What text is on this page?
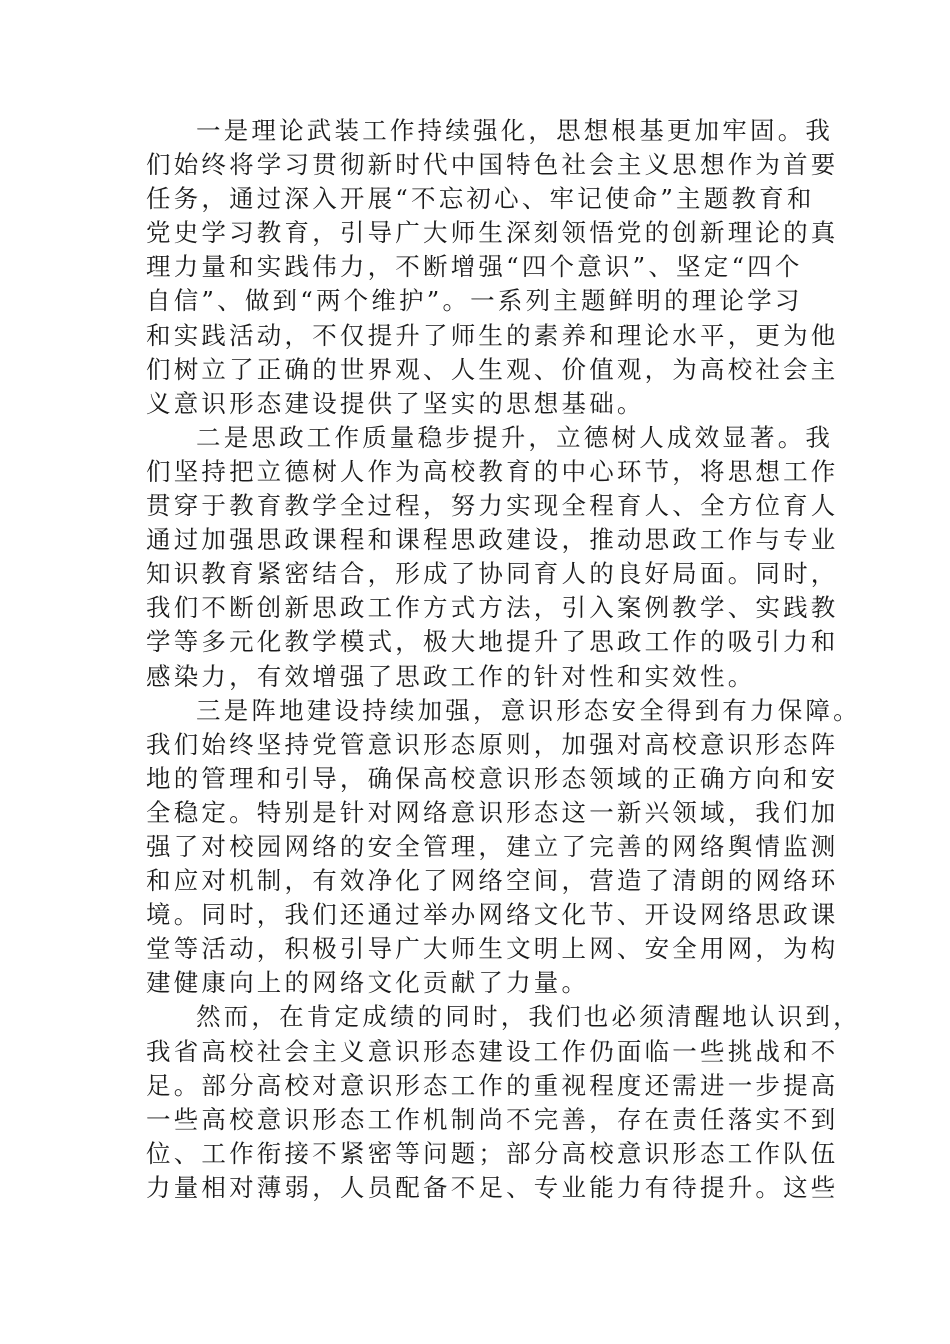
一是理论武装工作持续强化，思想根基更加牢固。我
们始终将学习贯彻新时代中国特色社会主义思想作为首要
任务，通过深入开展“不忘初心、牢记使命”主题教育和
党史学习教育，引导广大师生深刻领悟党的创新理论的真
理力量和实践伟力，不断增强“四个意识”、坚定“四个
自信”、做到“两个维护”。一系列主题鲜明的理论学习
和实践活动，不仅提升了师生的素养和理论水平，更为他
们树立了正确的世界观、人生观、价值观，为高校社会主
义意识形态建设提供了坚实的思想基础。
二是思政工作质量稳步提升，立德树人成效显著。我
们坚持把立德树人作为高校教育的中心环节，将思想工作
贯穿于教育教学全过程，努力实现全程育人、全方位育人
通过加强思政课程和课程思政建设，推动思政工作与专业
知识教育紧密结合，形成了协同育人的良好局面。同时，
我们不断创新思政工作方式方法，引入案例教学、实践教
学等多元化教学模式，极大地提升了思政工作的吸引力和
感染力，有效增强了思政工作的针对性和实效性。
三是阵地建设持续加强，意识形态安全得到有力保障。
我们始终坚持党管意识形态原则，加强对高校意识形态阵
地的管理和引导，确保高校意识形态领域的正确方向和安
全稳定。特别是针对网络意识形态这一新兴领域，我们加
强了对校园网络的安全管理，建立了完善的网络舆情监测
和应对机制，有效净化了网络空间，营造了清朗的网络环
境。同时，我们还通过举办网络文化节、开设网络思政课
堂等活动，积极引导广大师生文明上网、安全用网，为构
建健康向上的网络文化贡献了力量。
然而，在肯定成绩的同时，我们也必须清醒地认识到，
我省高校社会主义意识形态建设工作仍面临一些挑战和不
足。部分高校对意识形态工作的重视程度还需进一步提高
一些高校意识形态工作机制尚不完善，存在责任落实不到
位、工作衔接不紧密等问题；部分高校意识形态工作队伍
力量相对薄弱，人员配备不足、专业能力有待提升。这些
